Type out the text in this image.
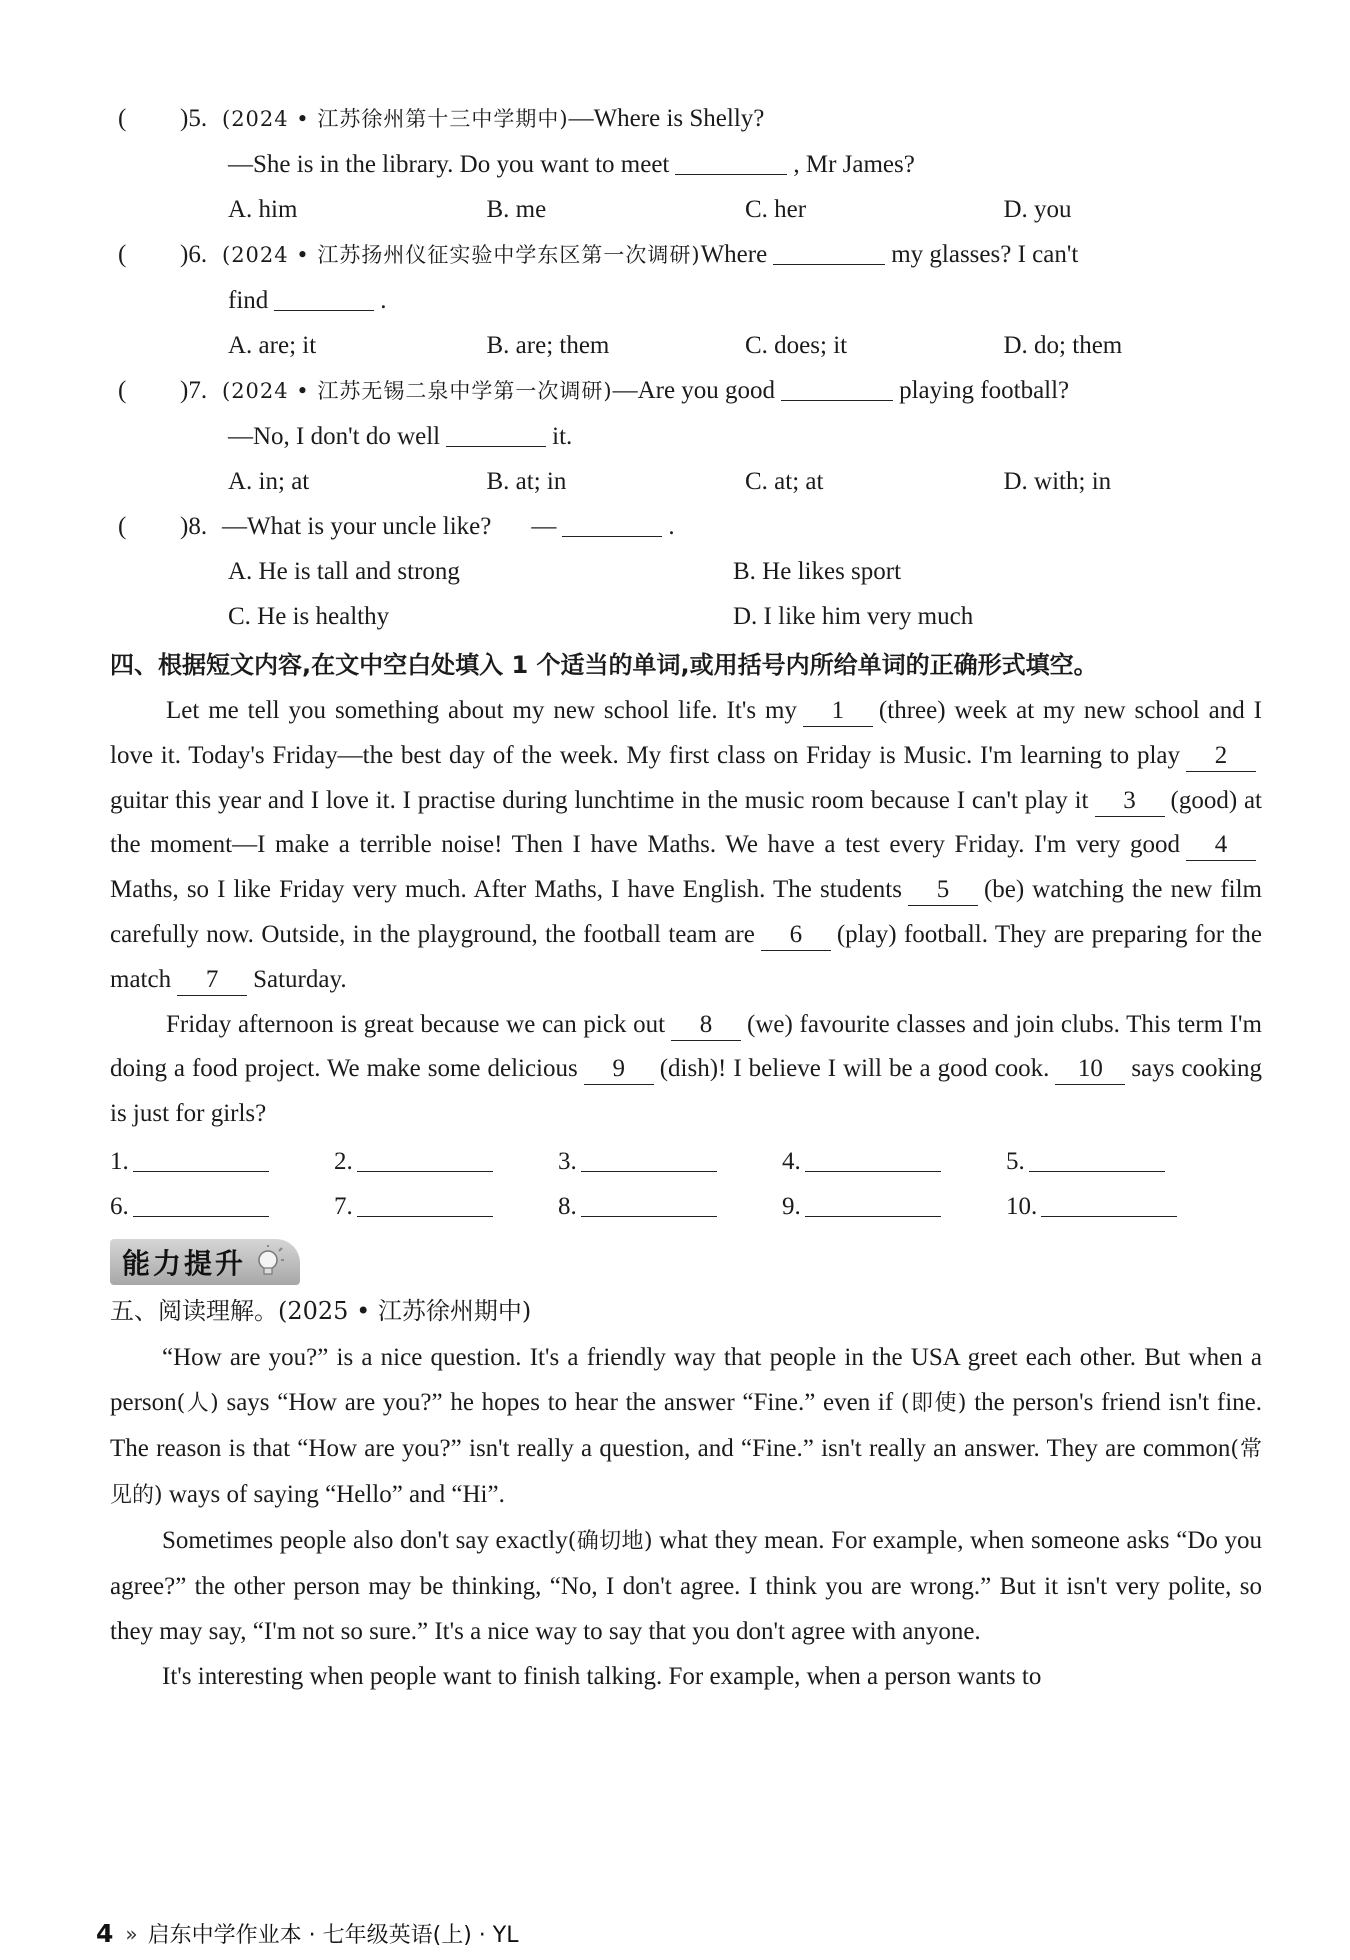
( )5. (2024 • 江苏徐州第十三中学期中)—Where is Shelly?
—She is in the library. Do you want to meet	, Mr James?
A. him	B. me	C. her	D. you
( )6. (2024 • 江苏扬州仪征实验中学东区第一次调研)Where	my glasses? I can't
find	.
A. are; it	B. are; them	C. does; it	D. do; them
( )7. (2024 • 江苏无锡二泉中学第一次调研)—Are you good	playing football?
—No, I don't do well	it.
A. in; at	B. at; in	C. at; at	D. with; in
( )8. —What is your uncle like? —	.
A. He is tall and strong	B. He likes sport
C. He is healthy	D. I like him very much
四、根据短文内容,在文中空白处填入 1 个适当的单词,或用括号内所给单词的正确形式填空。

Let me tell you something about my new school life. It's my 1 (three) week at my new school and I love it. Today's Friday—the best day of the week. My first class on Friday is Music. I'm learning to play 2guitar this year and I love it. I practise during lunchtime in the music room because I can't play it 3 (good) at the moment—I make a terrible noise! Then I have Maths. We have a test every Friday. I'm very good 4Maths, so I like Friday very much. After Maths, I have English. The students 5 (be) watching the new film carefully now. Outside, in the playground, the football team are 6 (play) football. They are preparing for the match 7 Saturday.

Friday afternoon is great because we can pick out 8 (we) favourite classes and join clubs. This term I'm doing a food project. We make some delicious 9 (dish)! I believe I will be a good cook. 10 says cooking is just for girls?

1.	2.	3.	4.	5.
6.	7.	8.	9.	10.
能力提升
五、阅读理解。(2025 • 江苏徐州期中)

“How are you?” is a nice question. It's a friendly way that people in the USA greet each other. But when a person(人) says “How are you?” he hopes to hear the answer “Fine.” even if (即使) the person's friend isn't fine. The reason is that “How are you?” isn't really a question, and “Fine.” isn't really an answer. They are common(常见的) ways of saying “Hello” and “Hi”.

Sometimes people also don't say exactly(确切地) what they mean. For example, when someone asks “Do you agree?” the other person may be thinking, “No, I don't agree. I think you are wrong.” But it isn't very polite, so they may say, “I'm not so sure.” It's a nice way to say that you don't agree with anyone.

It's interesting when people want to finish talking. For example, when a person wants to

4 » 启东中学作业本 · 七年级英语(上) · YL
